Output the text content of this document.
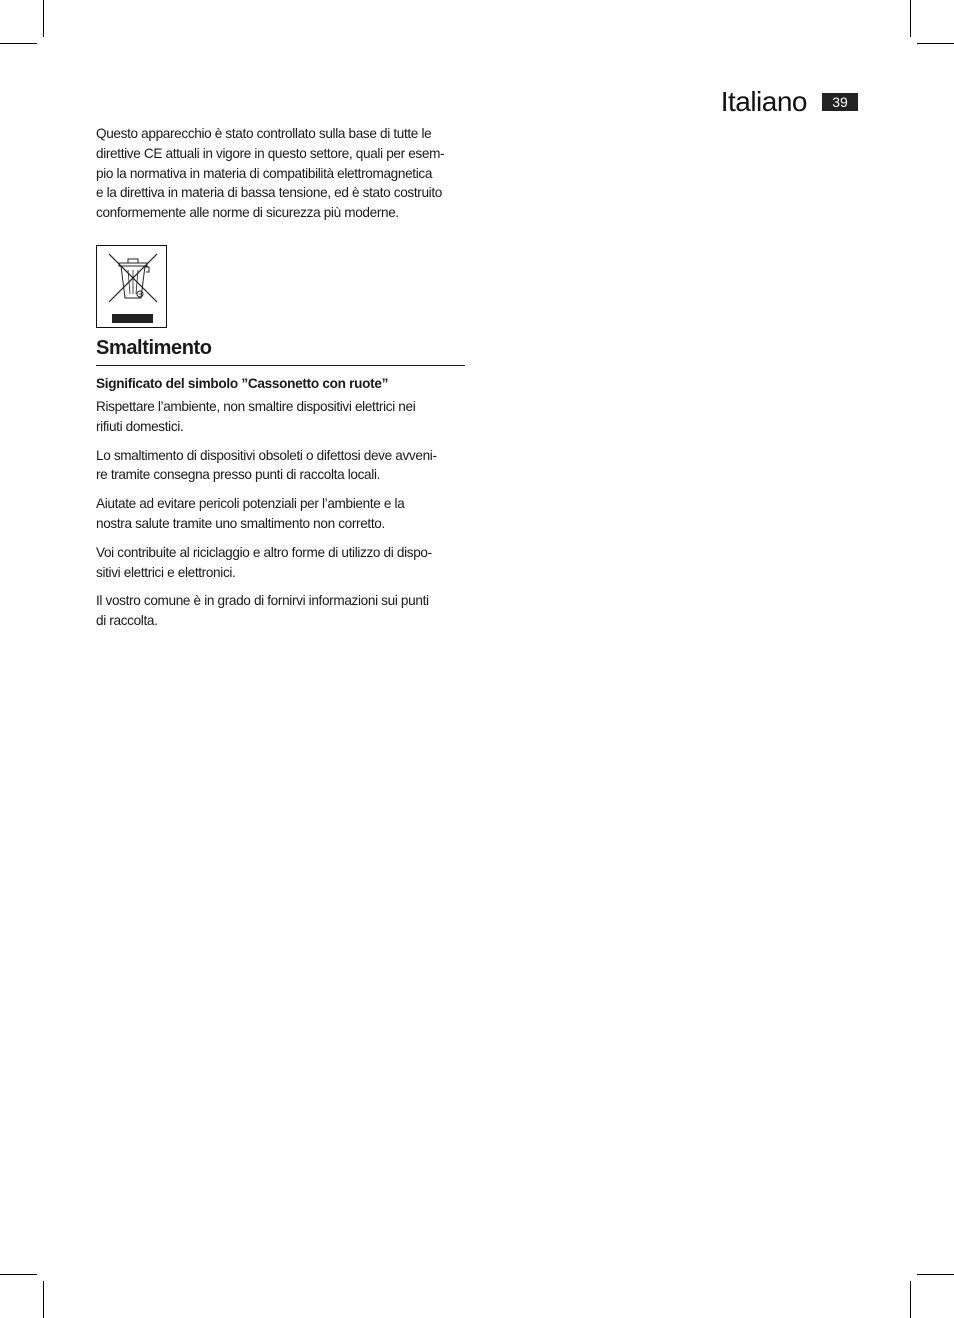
Italiano	39

Questo apparecchio è stato controllato sulla base di tutte le
direttive CE attuali in vigore in questo settore, quali per esem-
pio la normativa in materia di compatibilità elettromagnetica
e la direttiva in materia di bassa tensione, ed è stato costruito
conformemente alle norme di sicurezza più moderne.

Smaltimento
Significato del simbolo ”Cassonetto con ruote”

Rispettare l’ambiente, non smaltire dispositivi elettrici nei
rifiuti domestici.

Lo smaltimento di dispositivi obsoleti o difettosi deve avveni-
re tramite consegna presso punti di raccolta locali.

Aiutate ad evitare pericoli potenziali per l’ambiente e la
nostra salute tramite uno smaltimento non corretto.

Voi contribuite al riciclaggio e altro forme di utilizzo di dispo-
sitivi elettrici e elettronici.

Il vostro comune è in grado di fornirvi informazioni sui punti
di raccolta.
